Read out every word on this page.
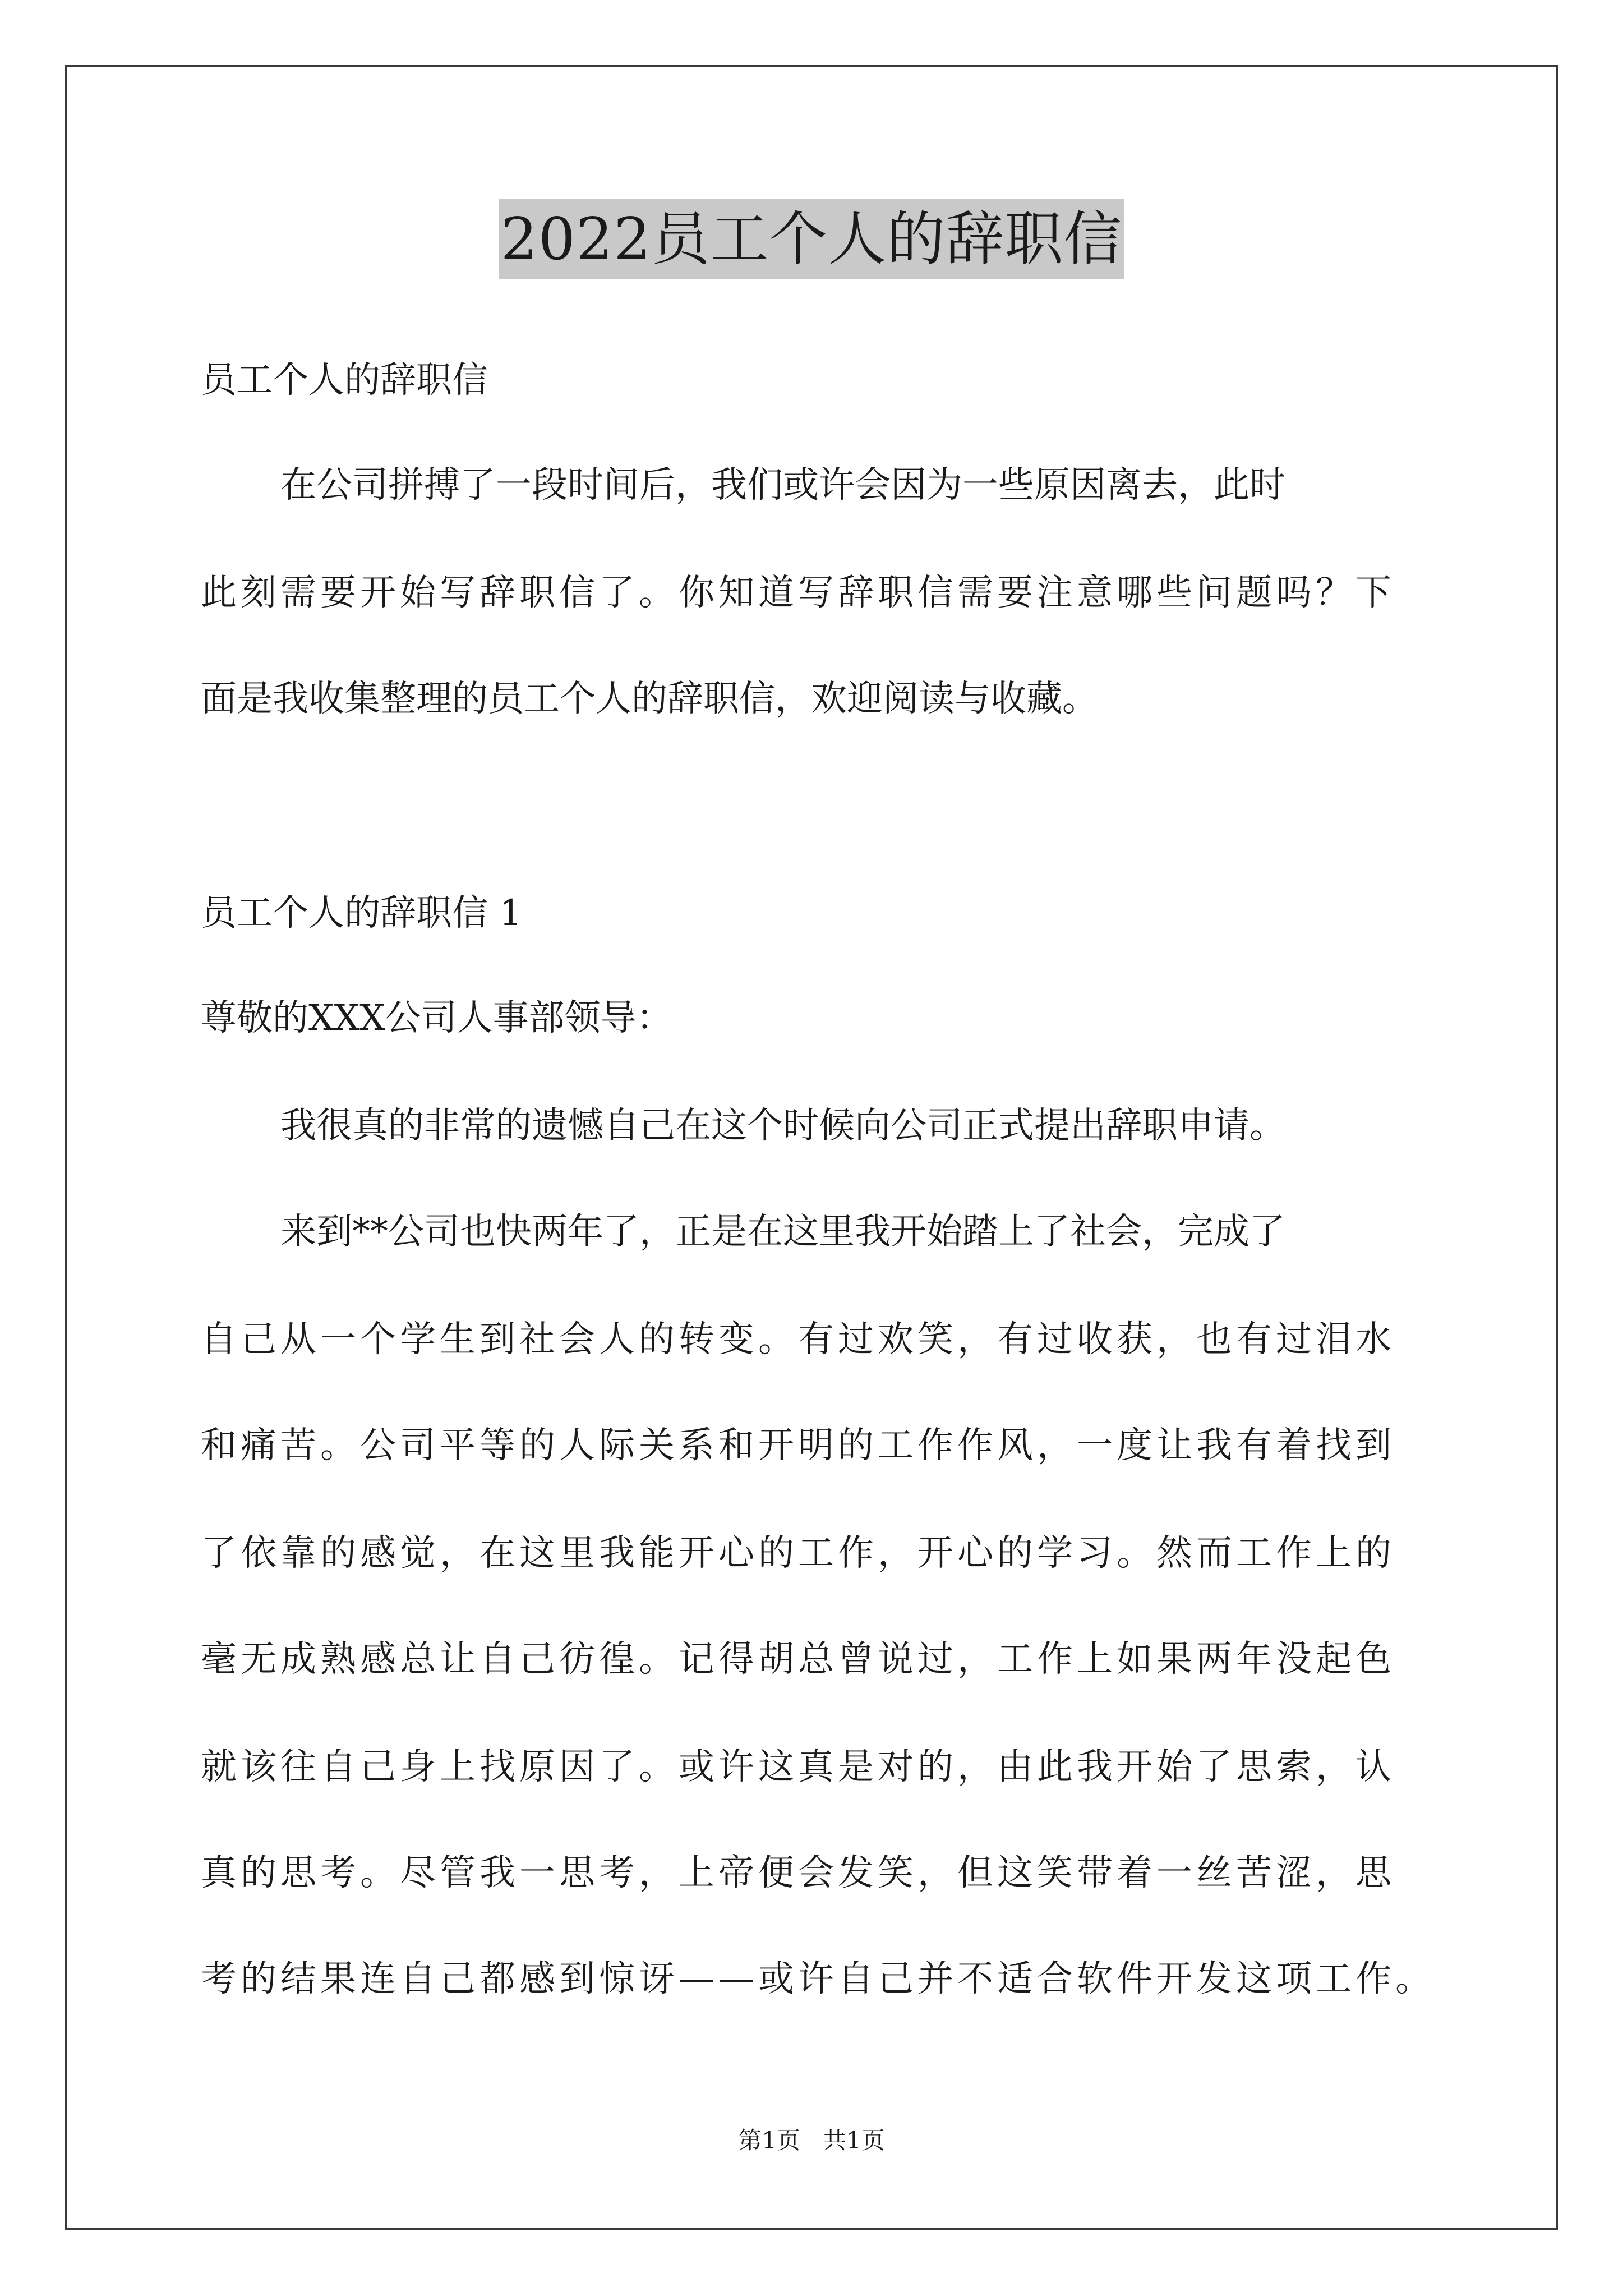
2022员工个人的辞职信
员工个人的辞职信
在公司拼搏了一段时间后，我们或许会因为一些原因离去，此时
此刻需要开始写辞职信了。你知道写辞职信需要注意哪些问题吗？下
面是我收集整理的员工个人的辞职信，欢迎阅读与收藏。
员工个人的辞职信 1
尊敬的XXX公司人事部领导：
我很真的非常的遗憾自己在这个时候向公司正式提出辞职申请。
来到**公司也快两年了，正是在这里我开始踏上了社会，完成了
自己从一个学生到社会人的转变。有过欢笑，有过收获，也有过泪水
和痛苦。公司平等的人际关系和开明的工作作风，一度让我有着找到
了依靠的感觉，在这里我能开心的工作，开心的学习。然而工作上的
毫无成熟感总让自己彷徨。记得胡总曾说过，工作上如果两年没起色
就该往自己身上找原因了。或许这真是对的，由此我开始了思索，认
真的思考。尽管我一思考，上帝便会发笑，但这笑带着一丝苦涩，思
考的结果连自己都感到惊讶——或许自己并不适合软件开发这项工作。
第1页   共1页
